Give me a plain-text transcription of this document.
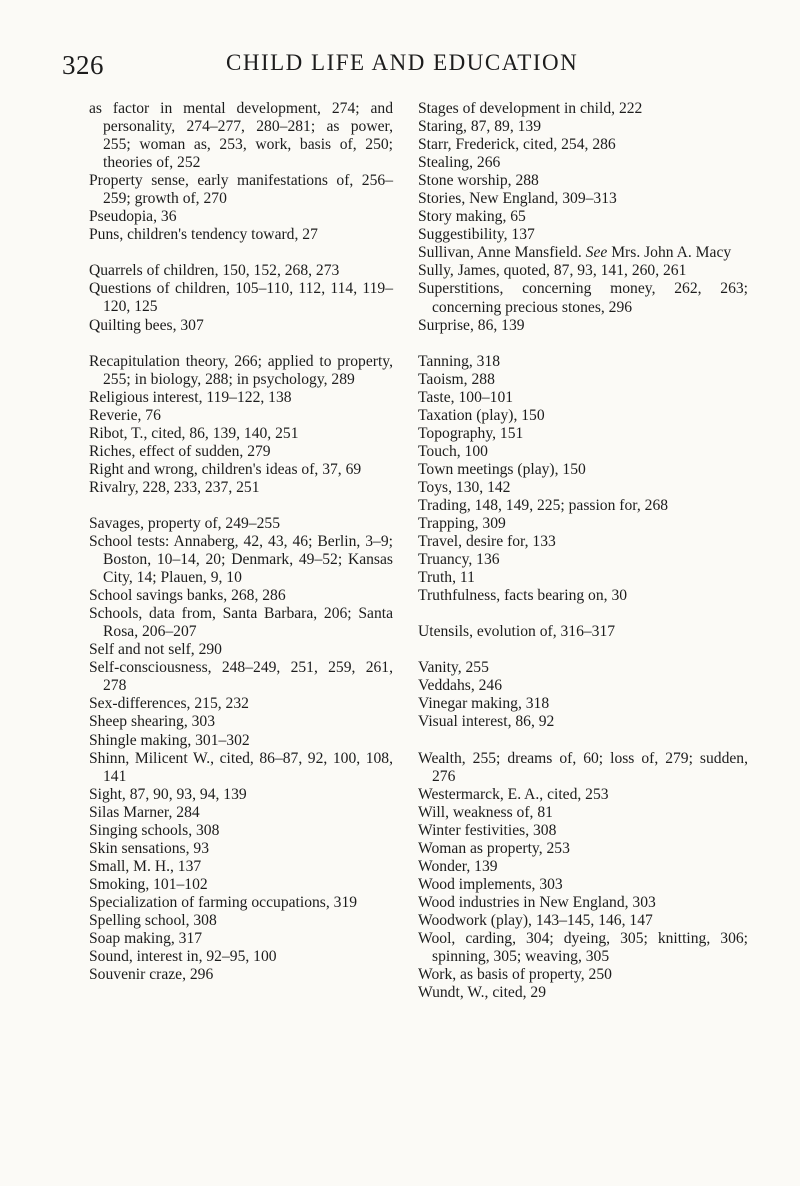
326	CHILD LIFE AND EDUCATION
as factor in mental development, 274; and personality, 274–277, 280–281; as power, 255; woman as, 253, work, basis of, 250; theories of, 252
Property sense, early manifestations of, 256–259; growth of, 270
Pseudopia, 36
Puns, children's tendency toward, 27
Quarrels of children, 150, 152, 268, 273
Questions of children, 105–110, 112, 114, 119–120, 125
Quilting bees, 307
Recapitulation theory, 266; applied to property, 255; in biology, 288; in psychology, 289
Religious interest, 119–122, 138
Reverie, 76
Ribot, T., cited, 86, 139, 140, 251
Riches, effect of sudden, 279
Right and wrong, children's ideas of, 37, 69
Rivalry, 228, 233, 237, 251
Savages, property of, 249–255
School tests: Annaberg, 42, 43, 46; Berlin, 3–9; Boston, 10–14, 20; Denmark, 49–52; Kansas City, 14; Plauen, 9, 10
School savings banks, 268, 286
Schools, data from, Santa Barbara, 206; Santa Rosa, 206–207
Self and not self, 290
Self-consciousness, 248–249, 251, 259, 261, 278
Sex-differences, 215, 232
Sheep shearing, 303
Shingle making, 301–302
Shinn, Milicent W., cited, 86–87, 92, 100, 108, 141
Sight, 87, 90, 93, 94, 139
Silas Marner, 284
Singing schools, 308
Skin sensations, 93
Small, M. H., 137
Smoking, 101–102
Specialization of farming occupations, 319
Spelling school, 308
Soap making, 317
Sound, interest in, 92–95, 100
Souvenir craze, 296
Stages of development in child, 222
Staring, 87, 89, 139
Starr, Frederick, cited, 254, 286
Stealing, 266
Stone worship, 288
Stories, New England, 309–313
Story making, 65
Suggestibility, 137
Sullivan, Anne Mansfield. See Mrs. John A. Macy
Sully, James, quoted, 87, 93, 141, 260, 261
Superstitions, concerning money, 262, 263; concerning precious stones, 296
Surprise, 86, 139
Tanning, 318
Taoism, 288
Taste, 100–101
Taxation (play), 150
Topography, 151
Touch, 100
Town meetings (play), 150
Toys, 130, 142
Trading, 148, 149, 225; passion for, 268
Trapping, 309
Travel, desire for, 133
Truancy, 136
Truth, 11
Truthfulness, facts bearing on, 30
Utensils, evolution of, 316–317
Vanity, 255
Veddahs, 246
Vinegar making, 318
Visual interest, 86, 92
Wealth, 255; dreams of, 60; loss of, 279; sudden, 276
Westermarck, E. A., cited, 253
Will, weakness of, 81
Winter festivities, 308
Woman as property, 253
Wonder, 139
Wood implements, 303
Wood industries in New England, 303
Woodwork (play), 143–145, 146, 147
Wool, carding, 304; dyeing, 305; knitting, 306; spinning, 305; weaving, 305
Work, as basis of property, 250
Wundt, W., cited, 29
